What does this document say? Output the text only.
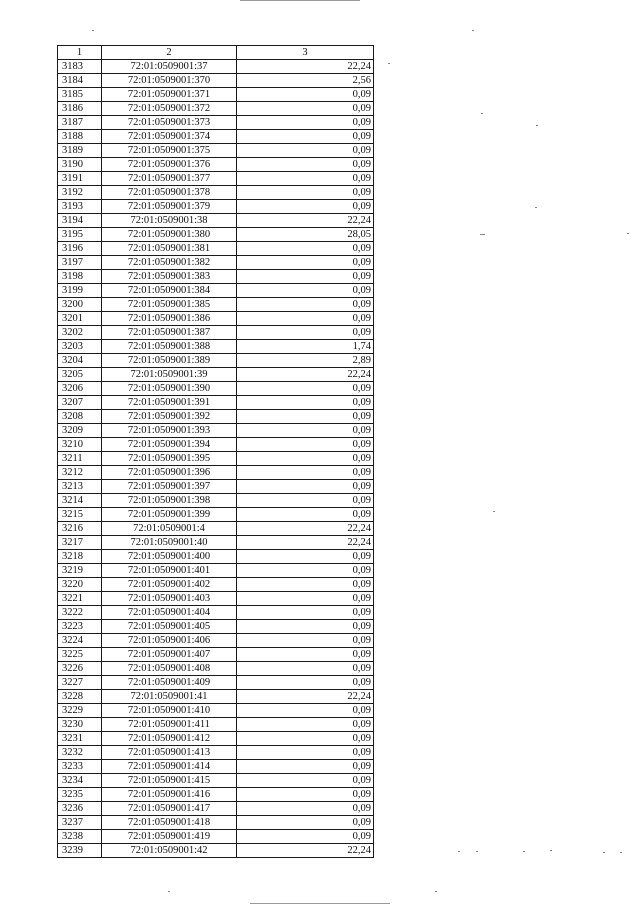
1	2	3
3183	72:01:0509001:37	22,24
3184	72:01:0509001:370	2,56
3185	72:01:0509001:371	0,09
3186	72:01:0509001:372	0,09
3187	72:01:0509001:373	0,09
3188	72:01:0509001:374	0,09
3189	72:01:0509001:375	0,09
3190	72:01:0509001:376	0,09
3191	72:01:0509001:377	0,09
3192	72:01:0509001:378	0,09
3193	72:01:0509001:379	0,09
3194	72:01:0509001:38	22,24
3195	72:01:0509001:380	28,05
3196	72:01:0509001:381	0,09
3197	72:01:0509001:382	0,09
3198	72:01:0509001:383	0,09
3199	72:01:0509001:384	0,09
3200	72:01:0509001:385	0,09
3201	72:01:0509001:386	0,09
3202	72:01:0509001:387	0,09
3203	72:01:0509001:388	1,74
3204	72:01:0509001:389	2,89
3205	72:01:0509001:39	22,24
3206	72:01:0509001:390	0,09
3207	72:01:0509001:391	0,09
3208	72:01:0509001:392	0,09
3209	72:01:0509001:393	0,09
3210	72:01:0509001:394	0,09
3211	72:01:0509001:395	0,09
3212	72:01:0509001:396	0,09
3213	72:01:0509001:397	0,09
3214	72:01:0509001:398	0,09
3215	72:01:0509001:399	0,09
3216	72:01:0509001:4	22,24
3217	72:01:0509001:40	22,24
3218	72:01:0509001:400	0,09
3219	72:01:0509001:401	0,09
3220	72:01:0509001:402	0,09
3221	72:01:0509001:403	0,09
3222	72:01:0509001:404	0,09
3223	72:01:0509001:405	0,09
3224	72:01:0509001:406	0,09
3225	72:01:0509001:407	0,09
3226	72:01:0509001:408	0,09
3227	72:01:0509001:409	0,09
3228	72:01:0509001:41	22,24
3229	72:01:0509001:410	0,09
3230	72:01:0509001:411	0,09
3231	72:01:0509001:412	0,09
3232	72:01:0509001:413	0,09
3233	72:01:0509001:414	0,09
3234	72:01:0509001:415	0,09
3235	72:01:0509001:416	0,09
3236	72:01:0509001:417	0,09
3237	72:01:0509001:418	0,09
3238	72:01:0509001:419	0,09
3239	72:01:0509001:42	22,24
